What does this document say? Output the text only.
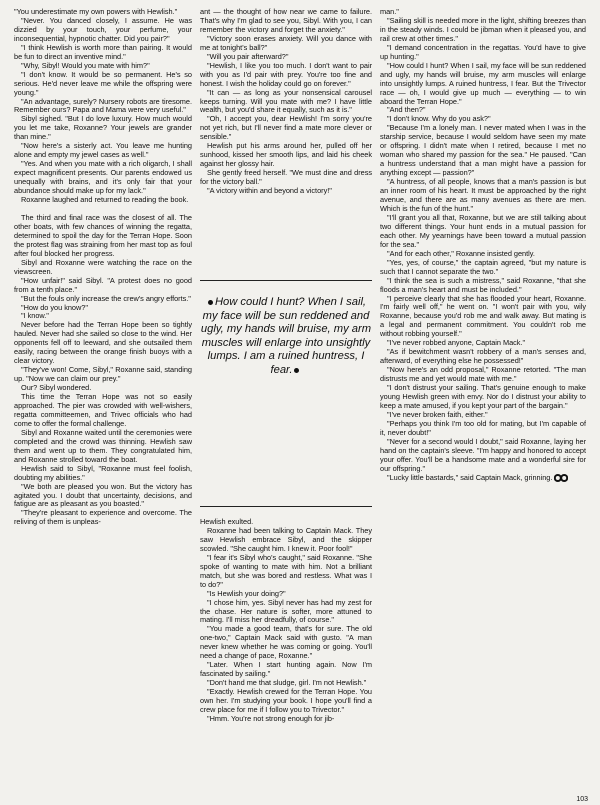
"You underestimate my own powers with Hewlish."

"Never. You danced closely, I assume. He was dizzied by your touch, your perfume, your inconsequential, hypnotic chatter. Did you pair?"

"I think Hewlish is worth more than pairing. It would be fun to direct an inventive mind."

"Why, Sibyl! Would you mate with him?"

"I don't know. It would be so permanent. He's so serious. He'd never leave me while the offspring were young."

"An advantage, surely? Nursery robots are tiresome. Remember ours? Papa and Mama were very useful."

Sibyl sighed. "But I do love luxury. How much would you let me take, Roxanne? Your jewels are grander than mine."

"Now here's a sisterly act. You leave me hunting alone and empty my jewel cases as well."

"Yes. And when you mate with a rich oligarch, I shall expect magnificent presents. Our parents endowed us unequally with brains, and it's only fair that your abundance should make up for my lack."

Roxanne laughed and returned to reading the book.

The third and final race was the closest of all. The other boats, with few chances of winning the regatta, determined to spoil the day for the Terran Hope. Soon the protest flag was straining from her mast top as foul after foul blocked her progress.

Sibyl and Roxanne were watching the race on the viewscreen.

"How unfair!" said Sibyl. "A protest does no good from a tenth place."

"But the fouls only increase the crew's angry efforts."

"How do you know?"

"I know."

Never before had the Terran Hope been so tightly hauled. Never had she sailed so close to the wind. Her opponents fell off to leeward, and she outsailed them easily, racing between the orange finish buoys with a clear victory.

"They've won! Come, Sibyl," Roxanne said, standing up. "Now we can claim our prey."

Our? Sibyl wondered.

This time the Terran Hope was not so easily approached. The pier was crowded with well-wishers, regatta committeemen, and Trivec officials who had come to offer the formal challenge.

Sibyl and Roxanne waited until the ceremonies were completed and the crowd was thinning. Hewlish saw them and went up to them. They congratulated him, and Roxanne strolled toward the boat.

Hewlish said to Sibyl, "Roxanne must feel foolish, doubting my abilities."

"We both are pleased you won. But the victory has agitated you. I doubt that uncertainty, decisions, and fatigue are as pleasant as you boasted."

"They're pleasant to experience and overcome. The reliving of them is unpleas-

ant — the thought of how near we came to failure. That's why I'm glad to see you, Sibyl. With you, I can remember the victory and forget the anxiety."

"Victory soon erases anxiety. Will you dance with me at tonight's ball?"

"Will you pair afterward?"

"Hewlish, I like you too much. I don't want to pair with you as I'd pair with prey. You're too fine and honest. I wish the holiday could go on forever."

"It can — as long as your nonsensical carousel keeps turning. Will you mate with me? I have little wealth, but you'd share it equally, such as it is."

"Oh, I accept you, dear Hewlish! I'm sorry you're not yet rich, but I'll never find a mate more clever or sensible."

Hewlish put his arms around her, pulled off her sunhood, kissed her smooth lips, and laid his cheek against her glossy hair.

She gently freed herself. "We must dine and dress for the victory ball."

"A victory within and beyond a victory!"

How could I hunt? When I sail, my face will be sun reddened and ugly, my hands will bruise, my arm muscles will enlarge into unsightly lumps. I am a ruined huntress, I fear.

Hewlish exulted.

Roxanne had been talking to Captain Mack. They saw Hewlish embrace Sibyl, and the skipper scowled. "She caught him. I knew it. Poor fool!"

"I fear it's Sibyl who's caught," said Roxanne. "She spoke of wanting to mate with him. Not a brilliant match, but she was bored and restless. What was I to do?"

"Is Hewlish your doing?"

"I chose him, yes. Sibyl never has had my zest for the chase. Her nature is softer, more attuned to mating. I'll miss her dreadfully, of course."

"You made a good team, that's for sure. The old one-two," Captain Mack said with gusto. "A man never knew whether he was coming or going. You'll need a change of pace, Roxanne."

"Later. When I start hunting again. Now I'm fascinated by sailing."

"Don't hand me that sludge, girl. I'm not Hewlish."

"Exactly. Hewlish crewed for the Terran Hope. You own her. I'm studying your book. I hope you'll find a crew place for me if I follow you to Trivector."

"Hmm. You're not strong enough for jib-

man."

"Sailing skill is needed more in the light, shifting breezes than in the steady winds. I could be jibman when it pleased you, and rail crew at other times."

"I demand concentration in the regattas. You'd have to give up hunting."

"How could I hunt? When I sail, my face will be sun reddened and ugly, my hands will bruise, my arm muscles will enlarge into unsightly lumps. A ruined huntress, I fear. But the Trivector race — oh, I would give up much — everything — to win aboard the Terran Hope."

"And then?"

"I don't know. Why do you ask?"

"Because I'm a lonely man. I never mated when I was in the starship service, because I would seldom have seen my mate or offspring. I didn't mate when I retired, because I met no woman who shared my passion for the sea." He paused. "Can a huntress understand that a man might have a passion for anything except — passion?"

"A huntress, of all people, knows that a man's passion is but an inner room of his heart. It must be approached by the right avenue, and there are as many avenues as there are men. Which is the fun of the hunt."

"I'll grant you all that, Roxanne, but we are still talking about two different things. Your hunt ends in a mutual passion for each other. My yearnings have been toward a mutual passion for the sea."

"And for each other," Roxanne insisted gently.

"Yes, yes, of course," the captain agreed, "but my nature is such that I cannot separate the two."

"I think the sea is such a mistress," said Roxanne, "that she floods a man's heart and must be included."

"I perceive clearly that she has flooded your heart, Roxanne. I'm fairly well off," he went on. "I won't pair with you, wily Roxanne, because you'd rob me and walk away. But mating is a legal and permanent commitment. You couldn't rob me without robbing yourself."

"I've never robbed anyone, Captain Mack."

"As if bewitchment wasn't robbery of a man's senses and, afterward, of everything else he possessed!"

"Now here's an odd proposal," Roxanne retorted. "The man distrusts me and yet would mate with me."

"I don't distrust your sailing. That's genuine enough to make young Hewlish green with envy. Nor do I distrust your ability to keep a mate amused, if you kept your part of the bargain."

"I've never broken faith, either."

"Perhaps you think I'm too old for mating, but I'm capable of it, never doubt!"

"Never for a second would I doubt," said Roxanne, laying her hand on the captain's sleeve. "I'm happy and honored to accept your offer. You'll be a handsome mate and a wonderful sire for our offspring."

"Lucky little bastards," said Captain Mack, grinning.

103
